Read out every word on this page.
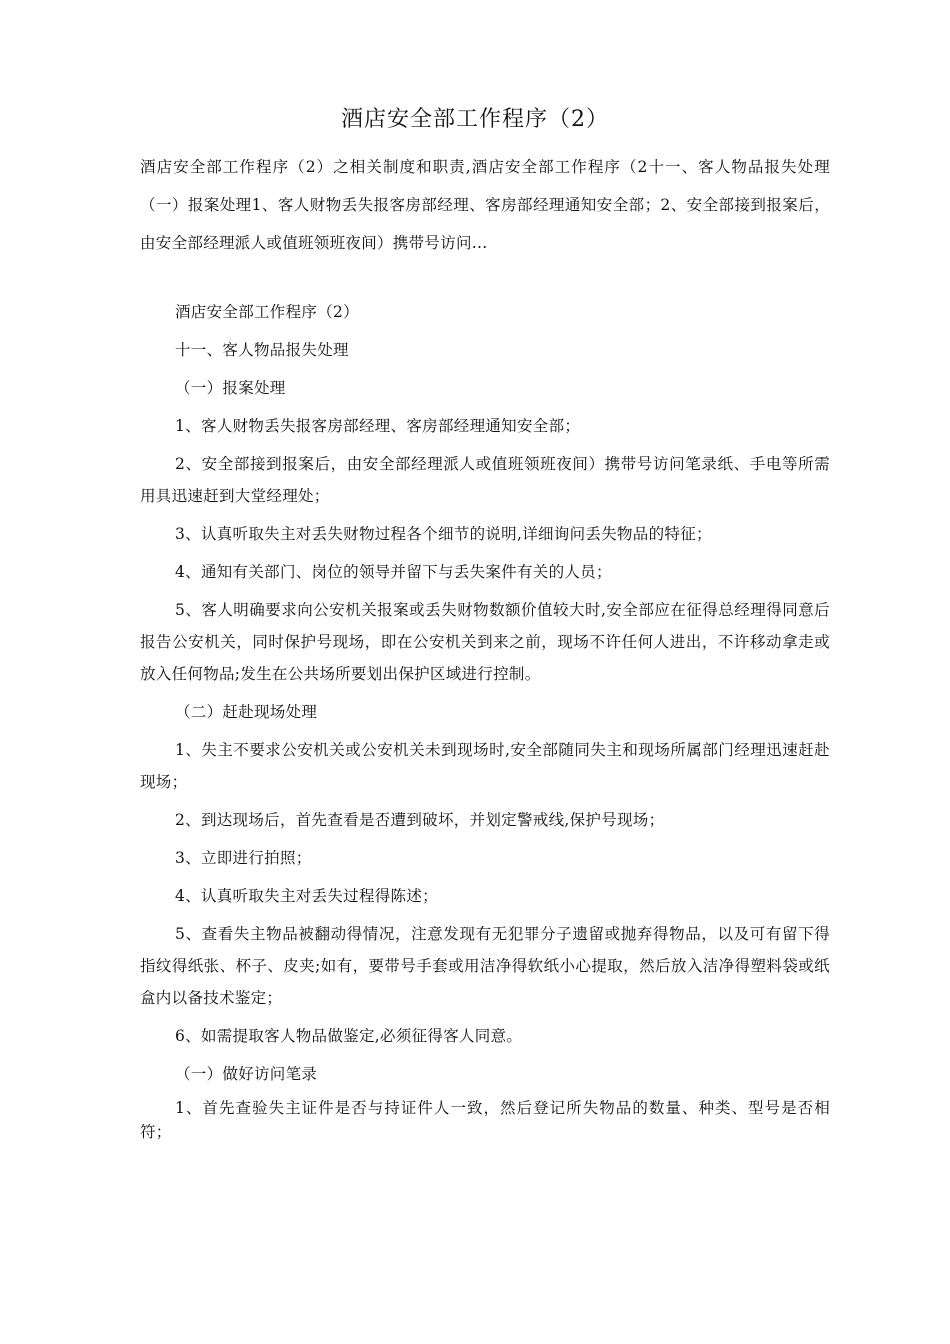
酒店安全部工作程序（2）

酒店安全部工作程序（2）之相关制度和职责,酒店安全部工作程序（2十一、客人物品报失处理（一）报案处理1、客人财物丢失报客房部经理、客房部经理通知安全部；2、安全部接到报案后，由安全部经理派人或值班领班夜间）携带号访问...

酒店安全部工作程序（2）

十一、客人物品报失处理

（一）报案处理

1、客人财物丢失报客房部经理、客房部经理通知安全部；

2、安全部接到报案后，由安全部经理派人或值班领班夜间）携带号访问笔录纸、手电等所需用具迅速赶到大堂经理处；

3、认真听取失主对丢失财物过程各个细节的说明,详细询问丢失物品的特征；

4、通知有关部门、岗位的领导并留下与丢失案件有关的人员；

5、客人明确要求向公安机关报案或丢失财物数额价值较大时,安全部应在征得总经理得同意后报告公安机关，同时保护号现场，即在公安机关到来之前，现场不许任何人进出，不许移动拿走或放入任何物品;发生在公共场所要划出保护区域进行控制。

（二）赶赴现场处理

1、失主不要求公安机关或公安机关未到现场时,安全部随同失主和现场所属部门经理迅速赶赴现场；

2、到达现场后，首先查看是否遭到破坏，并划定警戒线,保护号现场；

3、立即进行拍照；

4、认真听取失主对丢失过程得陈述；

5、查看失主物品被翻动得情况，注意发现有无犯罪分子遗留或抛弃得物品，以及可有留下得指纹得纸张、杯子、皮夹;如有，要带号手套或用洁净得软纸小心提取，然后放入洁净得塑料袋或纸盒内以备技术鉴定；

6、如需提取客人物品做鉴定,必须征得客人同意。

（一）做好访问笔录

1、首先查验失主证件是否与持证件人一致，然后登记所失物品的数量、种类、型号是否相符；
